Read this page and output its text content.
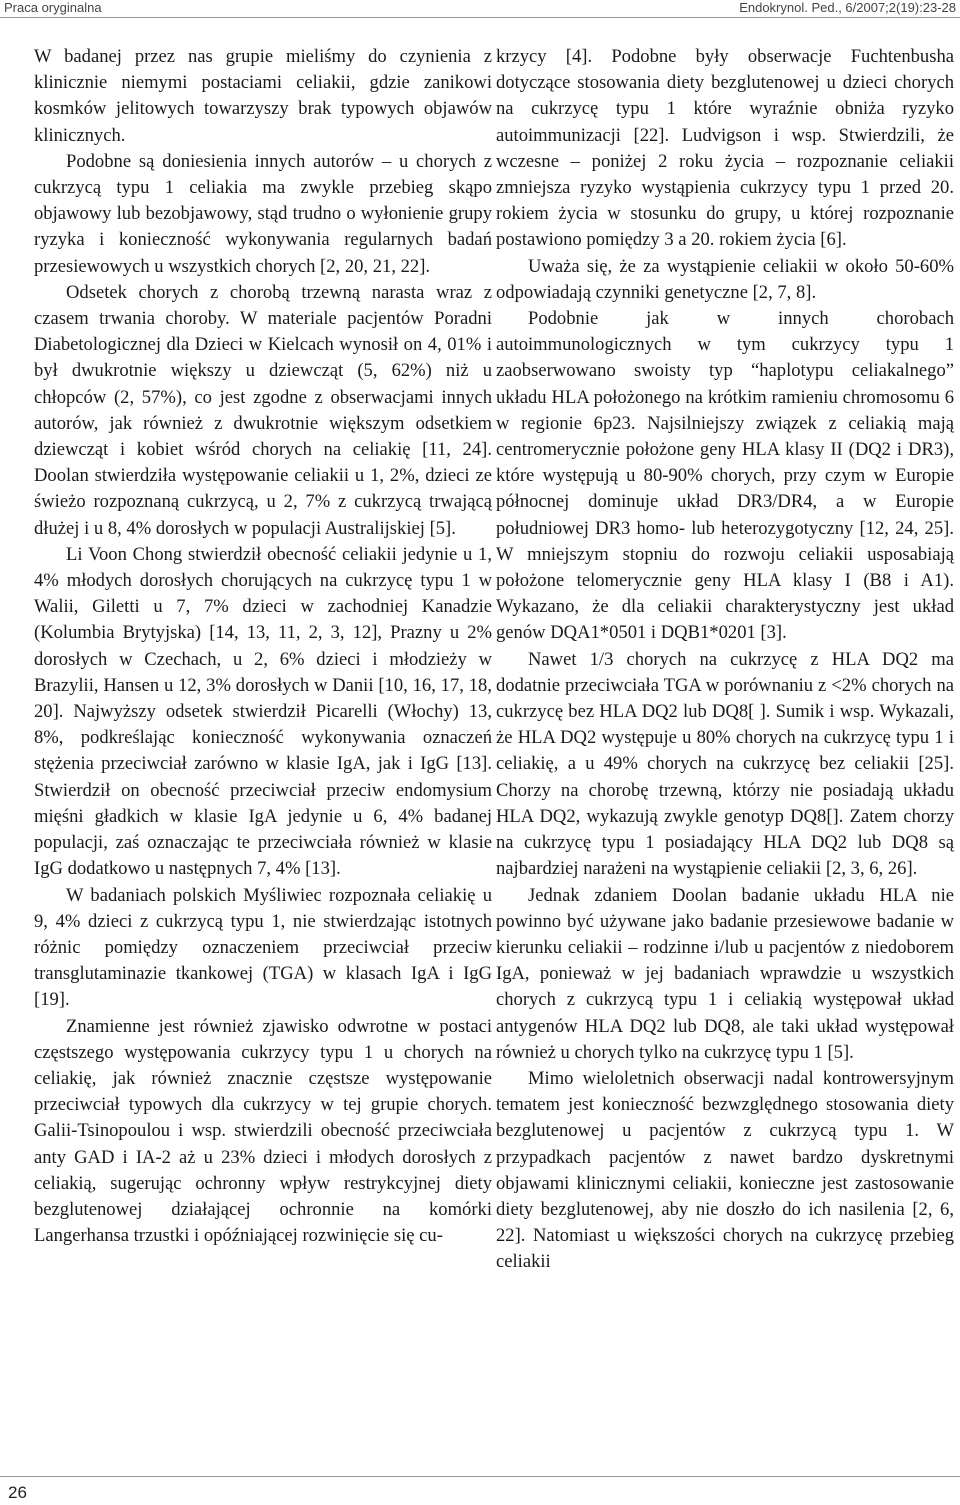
Praca oryginalna	Endokrynol. Ped., 6/2007;2(19):23-28

W badanej przez nas grupie mieliśmy do czynienia z klinicznie niemymi postaciami celiakii, gdzie zanikowi kosmków jelitowych towarzyszy brak typowych objawów klinicznych.

Podobne są doniesienia innych autorów – u chorych z cukrzycą typu 1 celiakia ma zwykle przebieg skąpo objawowy lub bezobjawowy, stąd trudno o wyłonienie grupy ryzyka i konieczność wykonywania regularnych badań przesiewowych u wszystkich chorych [2, 20, 21, 22].

Odsetek chorych z chorobą trzewną narasta wraz z czasem trwania choroby. W materiale pacjentów Poradni Diabetologicznej dla Dzieci w Kielcach wynosił on 4, 01% i był dwukrotnie większy u dziewcząt (5, 62%) niż u chłopców (2, 57%), co jest zgodne z obserwacjami innych autorów, jak również z dwukrotnie większym odsetkiem dziewcząt i kobiet wśród chorych na celiakię [11, 24]. Doolan stwierdziła występowanie celiakii u 1, 2%, dzieci ze świeżo rozpoznaną cukrzycą, u 2, 7% z cukrzycą trwającą dłużej i u 8, 4% dorosłych w populacji Australijskiej [5].

Li Voon Chong stwierdził obecność celiakii jedynie u 1, 4% młodych dorosłych chorujących na cukrzycę typu 1 w Walii, Giletti u 7, 7% dzieci w zachodniej Kanadzie (Kolumbia Brytyjska) [14, 13, 11, 2, 3, 12], Prazny u 2% dorosłych w Czechach, u 2, 6% dzieci i młodzieży w Brazylii, Hansen u 12, 3% dorosłych w Danii [10, 16, 17, 18, 20]. Najwyższy odsetek stwierdził Picarelli (Włochy) 13, 8%, podkreślając konieczność wykonywania oznaczeń stężenia przeciwciał zarówno w klasie IgA, jak i IgG [13]. Stwierdził on obecność przeciwciał przeciw endomysium mięśni gładkich w klasie IgA jedynie u 6, 4% badanej populacji, zaś oznaczając te przeciwciała również w klasie IgG dodatkowo u następnych 7, 4% [13].

W badaniach polskich Myśliwiec rozpoznała celiakię u 9, 4% dzieci z cukrzycą typu 1, nie stwierdzając istotnych różnic pomiędzy oznaczeniem przeciwciał przeciw transglutaminazie tkankowej (TGA) w klasach IgA i IgG [19].

Znamienne jest również zjawisko odwrotne w postaci częstszego występowania cukrzycy typu 1 u chorych na celiakię, jak również znacznie częstsze występowanie przeciwciał typowych dla cukrzycy w tej grupie chorych. Galii-Tsinopoulou i wsp. stwierdzili obecność przeciwciała anty GAD i IA-2 aż u 23% dzieci i młodych dorosłych z celiakią, sugerując ochronny wpływ restrykcyjnej diety bezglutenowej działającej ochronnie na komórki Langerhansa trzustki i opóźniającej rozwinięcie się cu-

krzycy [4]. Podobne były obserwacje Fuchtenbusha dotyczące stosowania diety bezglutenowej u dzieci chorych na cukrzycę typu 1 które wyraźnie obniża ryzyko autoimmunizacji [22]. Ludvigson i wsp. Stwierdzili, że wczesne – poniżej 2 roku życia – rozpoznanie celiakii zmniejsza ryzyko wystąpienia cukrzycy typu 1 przed 20. rokiem życia w stosunku do grupy, u której rozpoznanie postawiono pomiędzy 3 a 20. rokiem życia [6].

Uważa się, że za wystąpienie celiakii w około 50-60% odpowiadają czynniki genetyczne [2, 7, 8].

Podobnie jak w innych chorobach autoimmunologicznych w tym cukrzycy typu 1 zaobserwowano swoisty typ “haplotypu celiakalnego” układu HLA położonego na krótkim ramieniu chromosomu 6 w regionie 6p23. Najsilniejszy związek z celiakią mają centromerycznie położone geny HLA klasy II (DQ2 i DR3), które występują u 80-90% chorych, przy czym w Europie północnej dominuje układ DR3/DR4, a w Europie południowej DR3 homo- lub heterozygotyczny [12, 24, 25]. W mniejszym stopniu do rozwoju celiakii usposabiają położone telomerycznie geny HLA klasy I (B8 i A1). Wykazano, że dla celiakii charakterystyczny jest układ genów DQA1*0501 i DQB1*0201 [3].

Nawet 1/3 chorych na cukrzycę z HLA DQ2 ma dodatnie przeciwciała TGA w porównaniu z <2% chorych na cukrzycę bez HLA DQ2 lub DQ8[ ]. Sumik i wsp. Wykazali, że HLA DQ2 występuje u 80% chorych na cukrzycę typu 1 i celiakię, a u 49% chorych na cukrzycę bez celiakii [25]. Chorzy na chorobę trzewną, którzy nie posiadają układu HLA DQ2, wykazują zwykle genotyp DQ8[]. Zatem chorzy na cukrzycę typu 1 posiadający HLA DQ2 lub DQ8 są najbardziej narażeni na wystąpienie celiakii [2, 3, 6, 26].

Jednak zdaniem Doolan badanie układu HLA nie powinno być używane jako badanie przesiewowe badanie w kierunku celiakii – rodzinne i/lub u pacjentów z niedoborem IgA, ponieważ w jej badaniach wprawdzie u wszystkich chorych z cukrzycą typu 1 i celiakią występował układ antygenów HLA DQ2 lub DQ8, ale taki układ występował również u chorych tylko na cukrzycę typu 1 [5].

Mimo wieloletnich obserwacji nadal kontrowersyjnym tematem jest konieczność bezwzględnego stosowania diety bezglutenowej u pacjentów z cukrzycą typu 1. W przypadkach pacjentów z nawet bardzo dyskretnymi objawami klinicznymi celiakii, konieczne jest zastosowanie diety bezglutenowej, aby nie doszło do ich nasilenia [2, 6, 22]. Natomiast u większości chorych na cukrzycę przebieg celiakii

26
